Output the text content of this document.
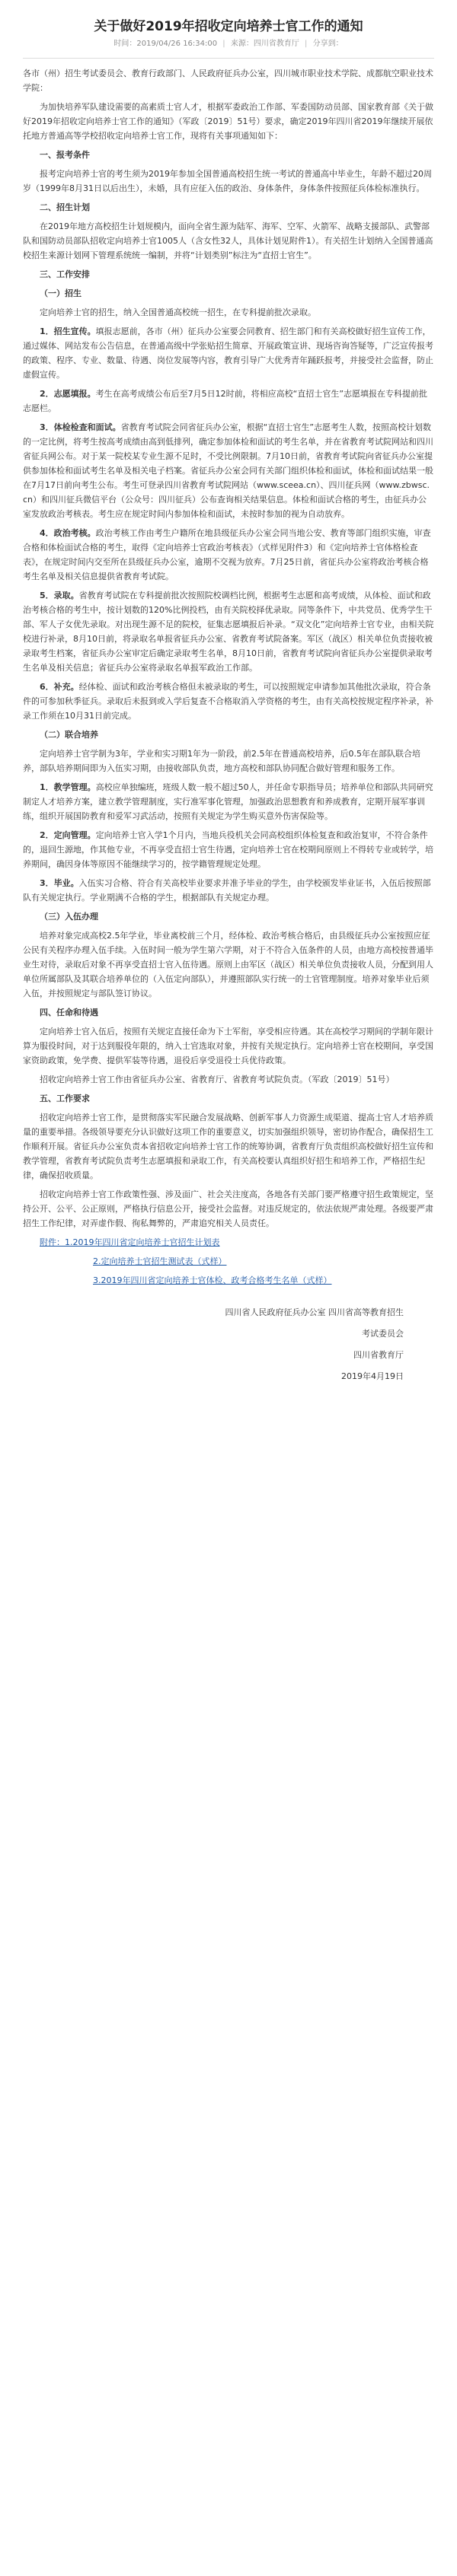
关于做好2019年招收定向培养士官工作的通知
时间：2019/04/26 16:34:00 | 来源：四川省教育厅 | 分享到：

各市（州）招生考试委员会、教育行政部门、人民政府征兵办公室，四川城市职业技术学院、成都航空职业技术学院：

为加快培养军队建设需要的高素质士官人才，根据军委政治工作部、军委国防动员部、国家教育部《关于做好2019年招收定向培养士官工作的通知》（军政〔2019〕51号）要求，确定2019年四川省2019年继续开展依托地方普通高等学校招收定向培养士官工作，现将有关事项通知如下：

一、报考条件

报考定向培养士官的考生须为2019年参加全国普通高校招生统一考试的普通高中毕业生，年龄不超过20周岁（1999年8月31日以后出生），未婚，具有应征入伍的政治、身体条件，身体条件按照征兵体检标准执行。

二、招生计划

在2019年地方高校招生计划规模内，面向全省生源为陆军、海军、空军、火箭军、战略支援部队、武警部队和国防动员部队招收定向培养士官1005人（含女性32人，具体计划见附件1）。有关招生计划纳入全国普通高校招生来源计划网下管理系统统一编制，并将“计划类别”标注为“直招士官生”。

三、工作安排
（一）招生

定向培养士官的招生，纳入全国普通高校统一招生，在专科提前批次录取。

1．招生宣传。填报志愿前，各市（州）征兵办公室要会同教育、招生部门和有关高校做好招生宣传工作，通过媒体、网站发布公告信息，在普通高级中学张贴招生简章、开展政策宣讲、现场咨询答疑等，广泛宣传报考的政策、程序、专业、数量、待遇、岗位发展等内容，教育引导广大优秀青年踊跃报考，并接受社会监督，防止虚假宣传。

2．志愿填报。考生在高考成绩公布后至7月5日12时前，将相应高校“直招士官生”志愿填报在专科提前批志愿栏。

3．体检检查和面试。省教育考试院会同省征兵办公室，根据“直招士官生”志愿考生人数，按照高校计划数的一定比例，将考生按高考成绩由高到低排列，确定参加体检和面试的考生名单，并在省教育考试院网站和四川省征兵网公布。对于某一院校某专业生源不足时，不受比例限制。7月10日前，省教育考试院向省征兵办公室提供参加体检和面试考生名单及相关电子档案。省征兵办公室会同有关部门组织体检和面试，体检和面试结果一般在7月17日前向考生公布。考生可登录四川省教育考试院网站（www.sceea.cn）、四川征兵网（www.zbwsc.cn）和四川征兵微信平台（公众号：四川征兵）公布查询相关结果信息。体检和面试合格的考生，由征兵办公室发放政治考核表。考生应在规定时间内参加体检和面试，未按时参加的视为自动放弃。

4．政治考核。政治考核工作由考生户籍所在地县级征兵办公室会同当地公安、教育等部门组织实施，审查合格和体检面试合格的考生，取得《定向培养士官政治考核表》（式样见附件3）和《定向培养士官体格检查表》，在规定时间内交至所在县级征兵办公室，逾期不交视为放弃。7月25日前，省征兵办公室将政治考核合格考生名单及相关信息提供省教育考试院。

5．录取。省教育考试院在专科提前批次按照院校调档比例，根据考生志愿和高考成绩，从体检、面试和政治考核合格的考生中，按计划数的120%比例投档，由有关院校择优录取。同等条件下，中共党员、优秀学生干部、军人子女优先录取。对出现生源不足的院校，征集志愿填报后补录。“双文化”定向培养士官专业，由相关院校进行补录，8月10日前，将录取名单报省征兵办公室、省教育考试院备案。军区（战区）相关单位负责接收被录取考生档案，省征兵办公室审定后确定录取考生名单，8月10日前，省教育考试院向省征兵办公室提供录取考生名单及相关信息；省征兵办公室将录取名单报军政治工作部。

6．补充。经体检、面试和政治考核合格但未被录取的考生，可以按照规定申请参加其他批次录取，符合条件的可参加秋季征兵。录取后未报到或入学后复查不合格取消入学资格的考生，由有关高校按规定程序补录，补录工作须在10月31日前完成。

（二）联合培养

定向培养士官学制为3年，学业和实习期1年为一阶段，前2.5年在普通高校培养，后0.5年在部队联合培养，部队培养期间即为入伍实习期，由接收部队负责，地方高校和部队协同配合做好管理和服务工作。

1．教学管理。高校应单独编班，班级人数一般不超过50人，并任命专职指导员；培养单位和部队共同研究制定人才培养方案，建立教学管理制度，实行准军事化管理，加强政治思想教育和养成教育，定期开展军事训练，组织开展国防教育和爱军习武活动，按照有关规定为学生购买意外伤害保险等。

2．定向管理。定向培养士官入学1个月内，当地兵役机关会同高校组织体检复查和政治复审，不符合条件的，退回生源地，作其他专业，不再享受直招士官生待遇，定向培养士官在校期间原则上不得转专业或转学，培养期间，确因身体等原因不能继续学习的，按学籍管理规定处理。

3．毕业。入伍实习合格、符合有关高校毕业要求并准予毕业的学生，由学校颁发毕业证书，入伍后按照部队有关规定执行。学业期满不合格的学生，根据部队有关规定办理。

（三）入伍办理

培养对象完成高校2.5年学业，毕业离校前三个月，经体检、政治考核合格后，由县级征兵办公室按照应征公民有关程序办理入伍手续。入伍时间一般为学生第六学期，对于不符合入伍条件的人员，由地方高校按普通毕业生对待，录取后对象不再享受直招士官入伍待遇。原则上由军区（战区）相关单位负责接收人员，分配到用人单位所属部队及其联合培养单位的（入伍定向部队），并遵照部队实行统一的士官管理制度。培养对象毕业后须入伍，并按照规定与部队签订协议。

四、任命和待遇

定向培养士官入伍后，按照有关规定直接任命为下士军衔，享受相应待遇。其在高校学习期间的学制年限计算为服役时间，对于达到服役年限的，纳入士官选取对象，并按有关规定执行。定向培养士官在校期间，享受国家资助政策，免学费、提供军装等待遇，退役后享受退役士兵优待政策。

招收定向培养士官工作由省征兵办公室、省教育厅、省教育考试院负责。（军政〔2019〕51号）

五、工作要求

招收定向培养士官工作，是贯彻落实军民融合发展战略、创新军事人力资源生成渠道、提高士官人才培养质量的重要举措。各级领导要充分认识做好这项工作的重要意义，切实加强组织领导，密切协作配合，确保招生工作顺利开展。省征兵办公室负责本省招收定向培养士官工作的统筹协调，省教育厅负责组织高校做好招生宣传和教学管理，省教育考试院负责考生志愿填报和录取工作，有关高校要认真组织好招生和培养工作，严格招生纪律，确保招收质量。

招收定向培养士官工作政策性强、涉及面广、社会关注度高，各地各有关部门要严格遵守招生政策规定，坚持公开、公平、公正原则，严格执行信息公开，接受社会监督。对违反规定的，依法依规严肃处理。各级要严肃招生工作纪律，对弄虚作假、徇私舞弊的，严肃追究相关人员责任。

附件：1.2019年四川省定向培养士官招生计划表

2.定向培养士官招生测试表（式样）

3.2019年四川省定向培养士官体检、政考合格考生名单（式样）

四川省人民政府征兵办公室 四川省高等教育招生
考试委员会
四川省教育厅
2019年4月19日
